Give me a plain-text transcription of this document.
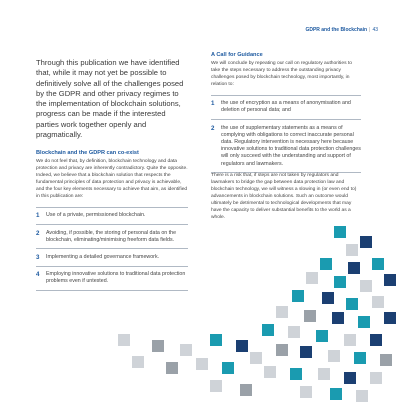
GDPR and the Blockchain | 43

Through this publication we have identified that, while it may not yet be possible to definitively solve all of the challenges posed by the GDPR and other privacy regimes to the implementation of blockchain solutions, progress can be made if the interested parties work together openly and pragmatically.

Blockchain and the GDPR can co-exist

We do not feel that, by definition, blockchain technology and data protection and privacy are inherently contradictory. Quite the opposite. Indeed, we believe that a blockchain solution that respects the fundamental principles of data protection and privacy is achievable, and the four key elements necessary to achieve that aim, as identified in this publication are:

1	Use of a private, permissioned blockchain.
2	Avoiding, if possible, the storing of personal data on the blockchain, eliminating/minimising freeform data fields.
3	Implementing a detailed governance framework.
4	Employing innovative solutions to traditional data protection problems even if untested.
A Call for Guidance

We will conclude by repeating our call on regulatory authorities to take the steps necessary to address the outstanding privacy challenges posed by blockchain technology, most importantly, in relation to:

1	the use of encryption as a means of anonymisation and deletion of personal data; and
2	the use of supplementary statements as a means of complying with obligations to correct inaccurate personal data. Regulatory intervention is necessary here because innovative solutions to traditional data protection challenges will only succeed with the understanding and support of regulators and lawmakers.

There is a risk that, if steps are not taken by regulators and lawmakers to bridge the gap between data protection law and blockchain technology, we will witness a slowing in (or even end to) advancements in blockchain solutions. Such an outcome would ultimately be detrimental to technological developments that may have the capacity to deliver substantial benefits to the world as a whole.
